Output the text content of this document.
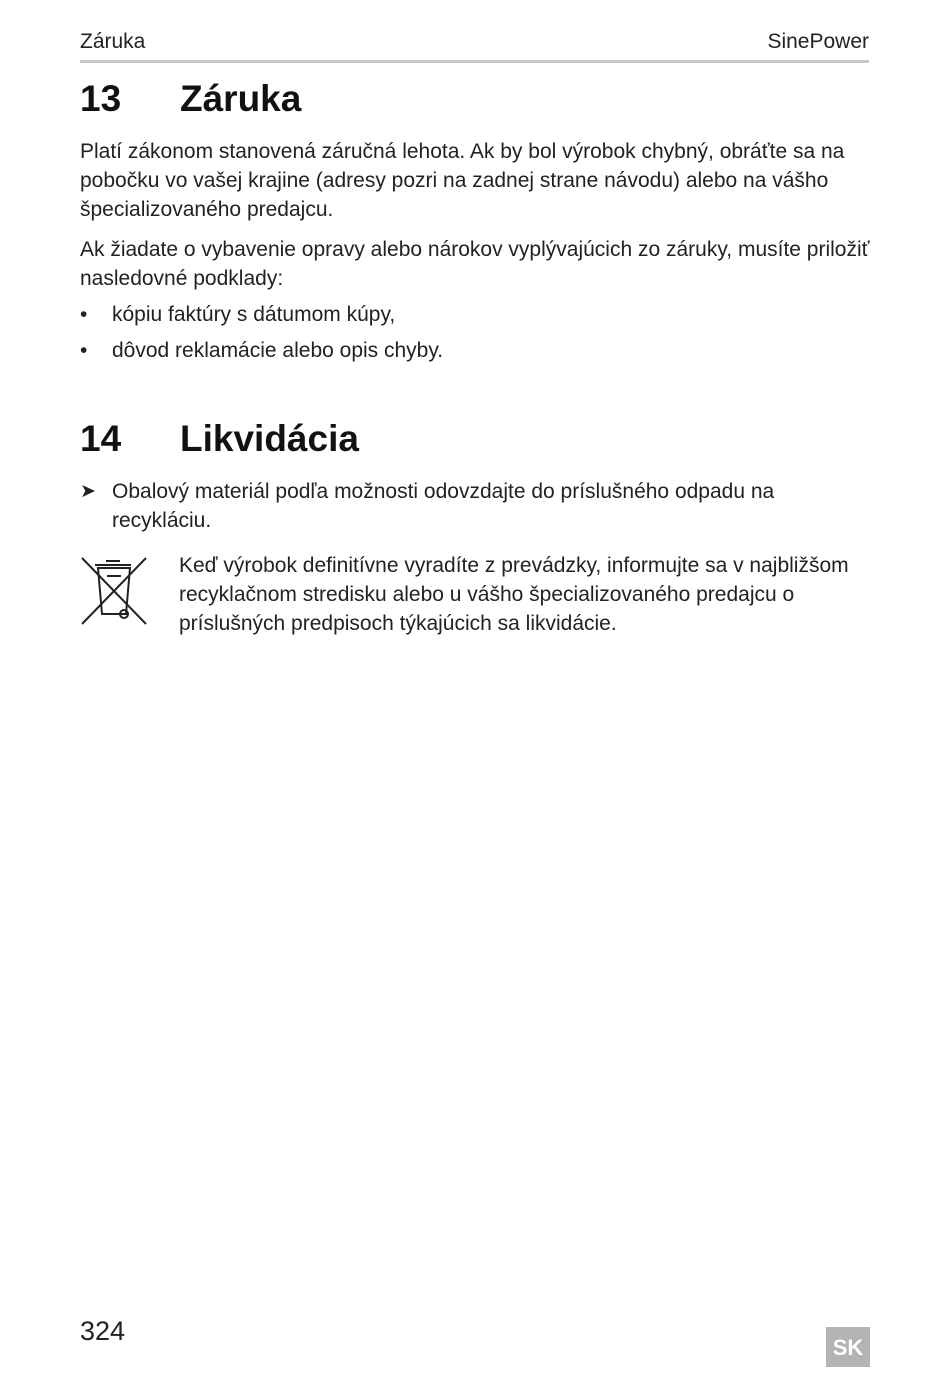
Záruka	SinePower
13 Záruka
Platí zákonom stanovená záručná lehota. Ak by bol výrobok chybný, obráťte sa na pobočku vo vašej krajine (adresy pozri na zadnej strane návodu) alebo na vášho špecializovaného predajcu.
Ak žiadate o vybavenie opravy alebo nárokov vyplývajúcich zo záruky, musíte priložiť nasledovné podklady:
• kópiu faktúry s dátumom kúpy,
• dôvod reklamácie alebo opis chyby.
14 Likvidácia
➤ Obalový materiál podľa možnosti odovzdajte do príslušného odpadu na recykláciu.
Keď výrobok definitívne vyradíte z prevádzky, informujte sa v najbližšom recyklačnom stredisku alebo u vášho špecializovaného predajcu o príslušných predpisoch týkajúcich sa likvidácie.
324
SK
